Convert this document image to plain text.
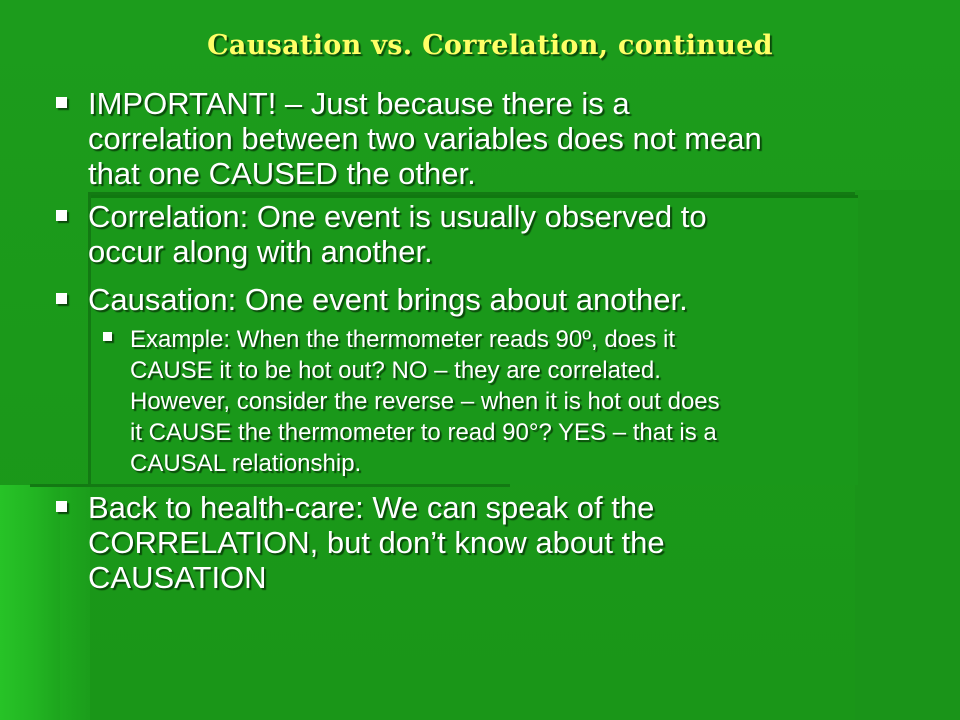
Causation vs. Correlation, continued
IMPORTANT! – Just because there is a
correlation between two variables does not mean
that one CAUSED the other.
Correlation: One event is usually observed to
occur along with another.
Causation: One event brings about another.
Example: When the thermometer reads 90º, does it
CAUSE it to be hot out? NO – they are correlated.
However, consider the reverse – when it is hot out does
it CAUSE the thermometer to read 90°? YES – that is a
CAUSAL relationship.
Back to health-care: We can speak of the
CORRELATION, but don’t know about the
CAUSATION
